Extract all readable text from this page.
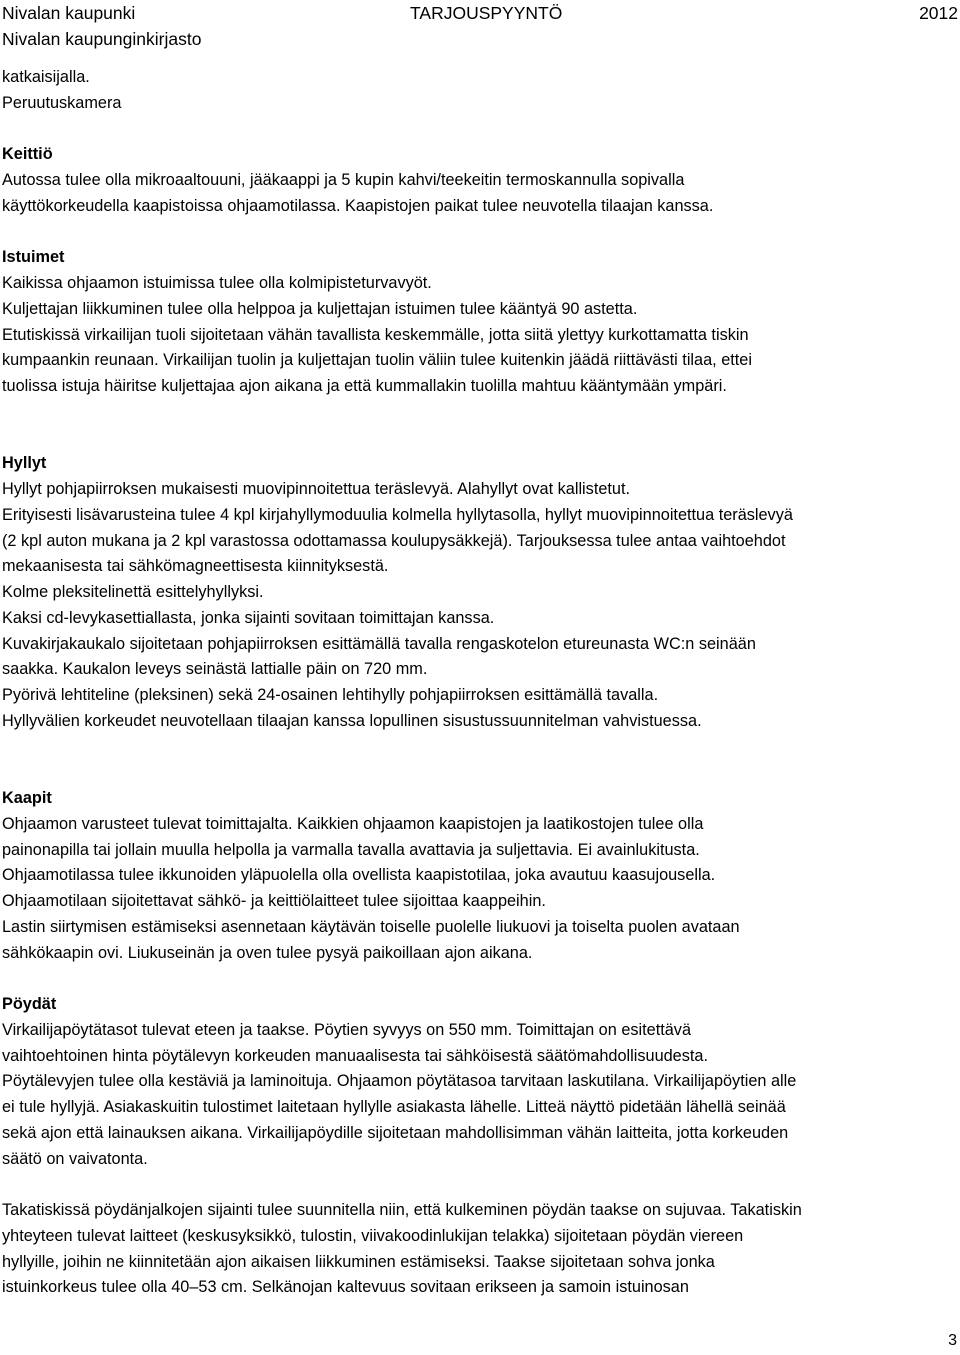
Nivalan kaupunki
Nivalan kaupunginkirjasto
TARJOUSPYYNTÖ	2012

katkaisijalla.

Peruutuskamera

Keittiö

Autossa tulee olla mikroaaltouuni, jääkaappi ja 5 kupin kahvi/teekeitin termoskannulla sopivalla

käyttökorkeudella kaapistoissa ohjaamotilassa. Kaapistojen paikat tulee neuvotella tilaajan kanssa.

Istuimet

Kaikissa ohjaamon istuimissa tulee olla kolmipisteturvavyöt.

Kuljettajan liikkuminen tulee olla helppoa ja kuljettajan istuimen tulee kääntyä 90 astetta.

Etutiskissä virkailijan tuoli sijoitetaan vähän tavallista keskemmälle, jotta siitä ylettyy kurkottamatta tiskin

kumpaankin reunaan. Virkailijan tuolin ja kuljettajan tuolin väliin tulee kuitenkin jäädä riittävästi tilaa, ettei

tuolissa istuja häiritse kuljettajaa ajon aikana ja että kummallakin tuolilla mahtuu kääntymään ympäri.

Hyllyt

Hyllyt pohjapiirroksen mukaisesti muovipinnoitettua teräslevyä. Alahyllyt ovat kallistetut.

Erityisesti lisävarusteina tulee 4 kpl kirjahyllymoduulia kolmella hyllytasolla, hyllyt muovipinnoitettua teräslevyä

(2 kpl auton mukana ja 2 kpl varastossa odottamassa koulupysäkkejä). Tarjouksessa tulee antaa vaihtoehdot

mekaanisesta tai sähkömagneettisesta kiinnityksestä.

Kolme pleksitelinettä esittelyhyllyksi.

Kaksi cd-levykasettiallasta, jonka sijainti sovitaan toimittajan kanssa.

Kuvakirjakaukalo sijoitetaan pohjapiirroksen esittämällä tavalla rengaskotelon etureunasta WC:n seinään

saakka. Kaukalon leveys seinästä lattialle päin on 720 mm.

Pyörivä lehtiteline (pleksinen) sekä 24-osainen lehtihylly pohjapiirroksen esittämällä tavalla.

Hyllyvälien korkeudet neuvotellaan tilaajan kanssa lopullinen sisustussuunnitelman vahvistuessa.

Kaapit

Ohjaamon varusteet tulevat toimittajalta. Kaikkien ohjaamon kaapistojen ja laatikostojen tulee olla

painonapilla tai jollain muulla helpolla ja varmalla tavalla avattavia ja suljettavia. Ei avainlukitusta.

Ohjaamotilassa tulee ikkunoiden yläpuolella olla ovellista kaapistotilaa, joka avautuu kaasujousella.

Ohjaamotilaan sijoitettavat sähkö- ja keittiölaitteet tulee sijoittaa kaappeihin.

Lastin siirtymisen estämiseksi asennetaan käytävän toiselle puolelle liukuovi ja toiselta puolen avataan

sähkökaapin ovi. Liukuseinän ja oven tulee pysyä paikoillaan ajon aikana.

Pöydät

Virkailijapöytätasot tulevat eteen ja taakse. Pöytien syvyys on 550 mm. Toimittajan on esitettävä

vaihtoehtoinen hinta pöytälevyn korkeuden manuaalisesta tai sähköisestä säätömahdollisuudesta.

Pöytälevyjen tulee olla kestäviä ja laminoituja. Ohjaamon pöytätasoa tarvitaan laskutilana. Virkailijapöytien alle

ei tule hyllyjä. Asiakaskuitin tulostimet laitetaan hyllylle asiakasta lähelle. Litteä näyttö pidetään lähellä seinää

sekä ajon että lainauksen aikana. Virkailijapöydille sijoitetaan mahdollisimman vähän laitteita, jotta korkeuden

säätö on vaivatonta.

Takatiskissä pöydänjalkojen sijainti tulee suunnitella niin, että kulkeminen pöydän taakse on sujuvaa. Takatiskin

yhteyteen tulevat laitteet (keskusyksikkö, tulostin, viivakoodinlukijan telakka) sijoitetaan pöydän viereen

hyllyille, joihin ne kiinnitetään ajon aikaisen liikkuminen estämiseksi. Taakse sijoitetaan sohva jonka

istuinkorkeus tulee olla 40–53 cm. Selkänojan kaltevuus sovitaan erikseen ja samoin istuinosan

3
